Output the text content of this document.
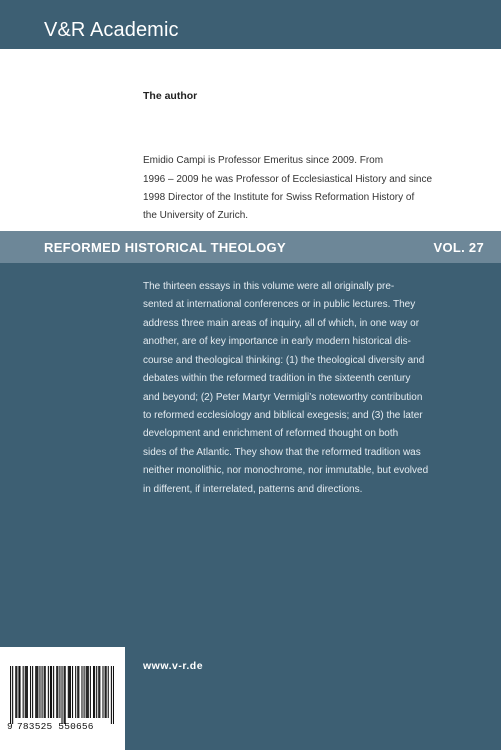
V&R Academic
The author
Emidio Campi is Professor Emeritus since 2009. From
1996 – 2009 he was Professor of Ecclesiastical History and since
1998 Director of the Institute for Swiss Reformation History of
the University of Zurich.
REFORMED HISTORICAL THEOLOGY	VOL. 27
The thirteen essays in this volume were all originally pre-
sented at international conferences or in public lectures. They
address three main areas of inquiry, all of which, in one way or
another, are of key importance in early modern historical dis-
course and theological thinking: (1) the theological diversity and
debates within the reformed tradition in the sixteenth century
and beyond; (2) Peter Martyr Vermigli’s noteworthy contribution
to reformed ecclesiology and biblical exegesis; and (3) the later
development and enrichment of reformed thought on both
sides of the Atlantic. They show that the reformed tradition was
neither monolithic, nor monochrome, nor immutable, but evolved
in different, if interrelated, patterns and directions.
www.v-r.de
9 783525 550656
